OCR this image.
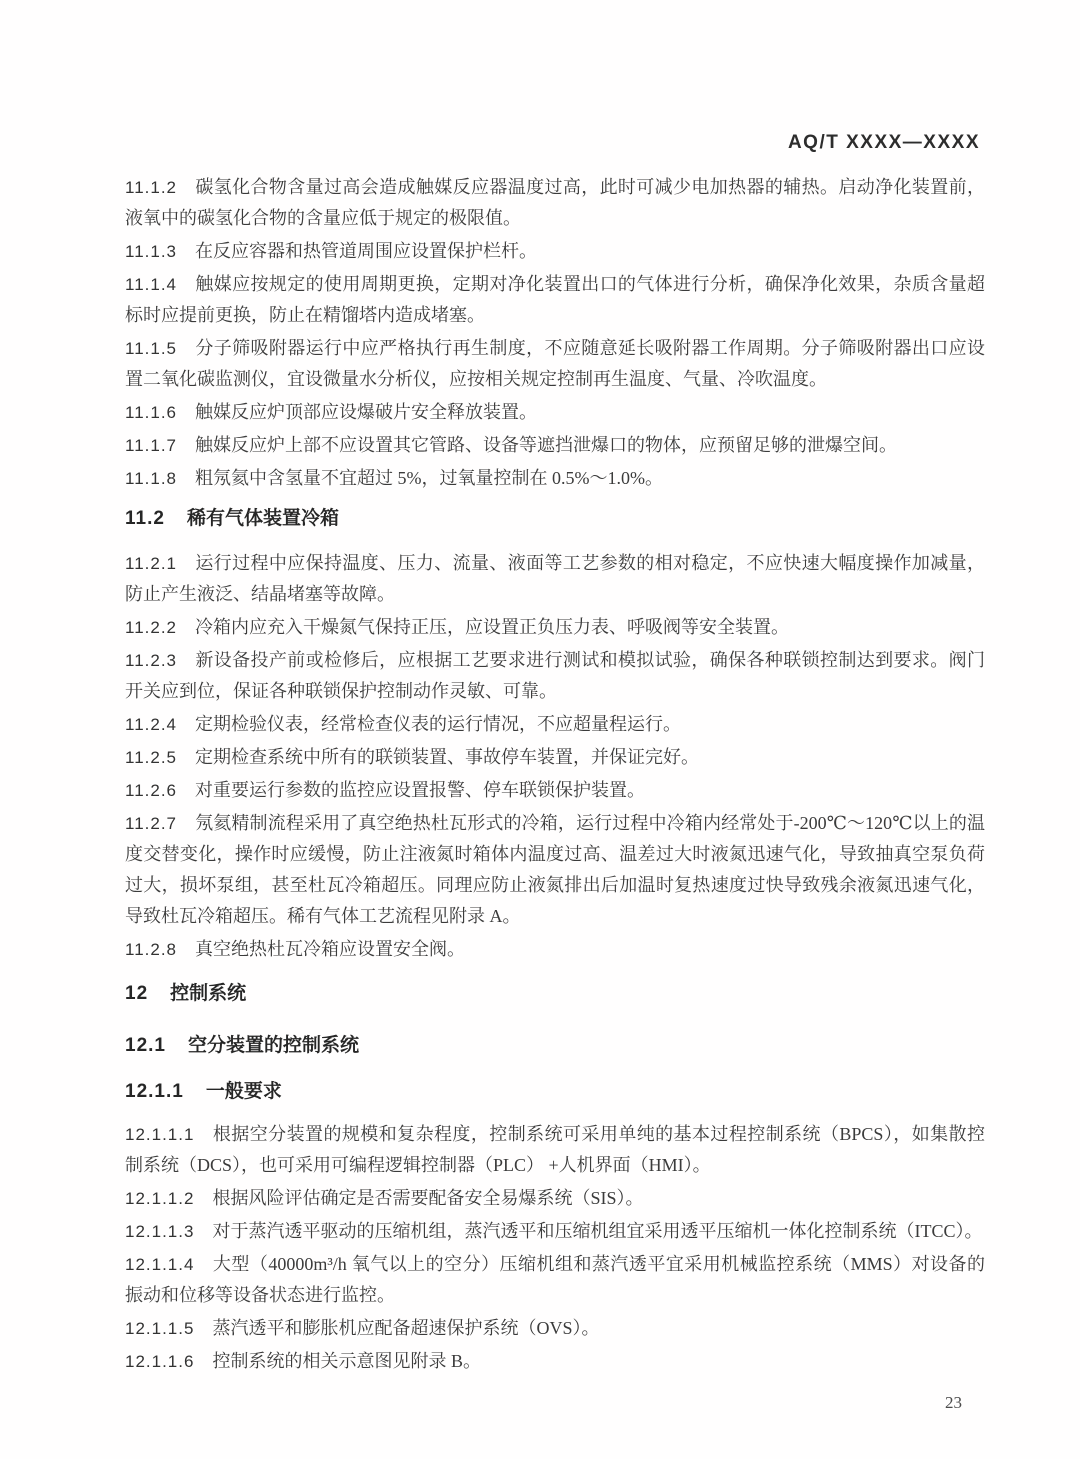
AQ/T XXXX—XXXX

11.1.2 碳氢化合物含量过高会造成触媒反应器温度过高，此时可减少电加热器的辅热。启动净化装置前，液氧中的碳氢化合物的含量应低于规定的极限值。

11.1.3 在反应容器和热管道周围应设置保护栏杆。

11.1.4 触媒应按规定的使用周期更换，定期对净化装置出口的气体进行分析，确保净化效果，杂质含量超标时应提前更换，防止在精馏塔内造成堵塞。

11.1.5 分子筛吸附器运行中应严格执行再生制度，不应随意延长吸附器工作周期。分子筛吸附器出口应设置二氧化碳监测仪，宜设微量水分析仪，应按相关规定控制再生温度、气量、冷吹温度。

11.1.6 触媒反应炉顶部应设爆破片安全释放装置。

11.1.7 触媒反应炉上部不应设置其它管路、设备等遮挡泄爆口的物体，应预留足够的泄爆空间。

11.1.8 粗氖氦中含氢量不宜超过 5%，过氧量控制在 0.5%～1.0%。

11.2 稀有气体装置冷箱

11.2.1 运行过程中应保持温度、压力、流量、液面等工艺参数的相对稳定，不应快速大幅度操作加减量，防止产生液泛、结晶堵塞等故障。

11.2.2 冷箱内应充入干燥氮气保持正压，应设置正负压力表、呼吸阀等安全装置。

11.2.3 新设备投产前或检修后，应根据工艺要求进行测试和模拟试验，确保各种联锁控制达到要求。阀门开关应到位，保证各种联锁保护控制动作灵敏、可靠。

11.2.4 定期检验仪表，经常检查仪表的运行情况，不应超量程运行。

11.2.5 定期检查系统中所有的联锁装置、事故停车装置，并保证完好。

11.2.6 对重要运行参数的监控应设置报警、停车联锁保护装置。

11.2.7 氖氦精制流程采用了真空绝热杜瓦形式的冷箱，运行过程中冷箱内经常处于-200℃～120℃以上的温度交替变化，操作时应缓慢，防止注液氮时箱体内温度过高、温差过大时液氮迅速气化，导致抽真空泵负荷过大，损坏泵组，甚至杜瓦冷箱超压。同理应防止液氮排出后加温时复热速度过快导致残余液氮迅速气化，导致杜瓦冷箱超压。稀有气体工艺流程见附录 A。

11.2.8 真空绝热杜瓦冷箱应设置安全阀。

12 控制系统
12.1 空分装置的控制系统
12.1.1 一般要求

12.1.1.1 根据空分装置的规模和复杂程度，控制系统可采用单纯的基本过程控制系统（BPCS），如集散控制系统（DCS），也可采用可编程逻辑控制器（PLC） +人机界面（HMI）。

12.1.1.2 根据风险评估确定是否需要配备安全易爆系统（SIS）。

12.1.1.3 对于蒸汽透平驱动的压缩机组，蒸汽透平和压缩机组宜采用透平压缩机一体化控制系统（ITCC）。

12.1.1.4 大型（40000m³/h 氧气以上的空分）压缩机组和蒸汽透平宜采用机械监控系统（MMS）对设备的振动和位移等设备状态进行监控。

12.1.1.5 蒸汽透平和膨胀机应配备超速保护系统（OVS）。

12.1.1.6 控制系统的相关示意图见附录 B。

23
